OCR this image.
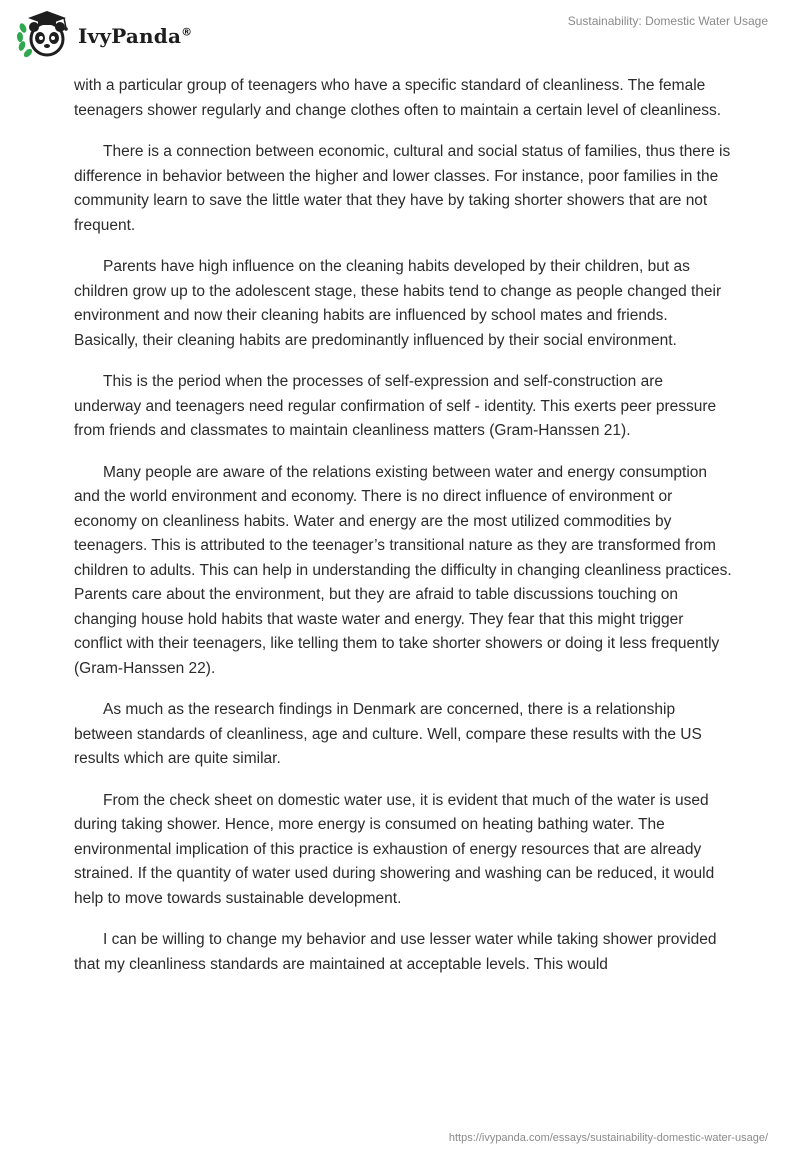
IvyPanda®
Sustainability: Domestic Water Usage

with a particular group of teenagers who have a specific standard of cleanliness. The female teenagers shower regularly and change clothes often to maintain a certain level of cleanliness.

There is a connection between economic, cultural and social status of families, thus there is difference in behavior between the higher and lower classes. For instance, poor families in the community learn to save the little water that they have by taking shorter showers that are not frequent.

Parents have high influence on the cleaning habits developed by their children, but as children grow up to the adolescent stage, these habits tend to change as people changed their environment and now their cleaning habits are influenced by school mates and friends. Basically, their cleaning habits are predominantly influenced by their social environment.

This is the period when the processes of self-expression and self-construction are underway and teenagers need regular confirmation of self - identity. This exerts peer pressure from friends and classmates to maintain cleanliness matters (Gram-Hanssen 21).

Many people are aware of the relations existing between water and energy consumption and the world environment and economy. There is no direct influence of environment or economy on cleanliness habits. Water and energy are the most utilized commodities by teenagers. This is attributed to the teenager’s transitional nature as they are transformed from children to adults. This can help in understanding the difficulty in changing cleanliness practices. Parents care about the environment, but they are afraid to table discussions touching on changing house hold habits that waste water and energy. They fear that this might trigger conflict with their teenagers, like telling them to take shorter showers or doing it less frequently (Gram-Hanssen 22).

As much as the research findings in Denmark are concerned, there is a relationship between standards of cleanliness, age and culture. Well, compare these results with the US results which are quite similar.

From the check sheet on domestic water use, it is evident that much of the water is used during taking shower. Hence, more energy is consumed on heating bathing water. The environmental implication of this practice is exhaustion of energy resources that are already strained. If the quantity of water used during showering and washing can be reduced, it would help to move towards sustainable development.

I can be willing to change my behavior and use lesser water while taking shower provided that my cleanliness standards are maintained at acceptable levels. This would

https://ivypanda.com/essays/sustainability-domestic-water-usage/
